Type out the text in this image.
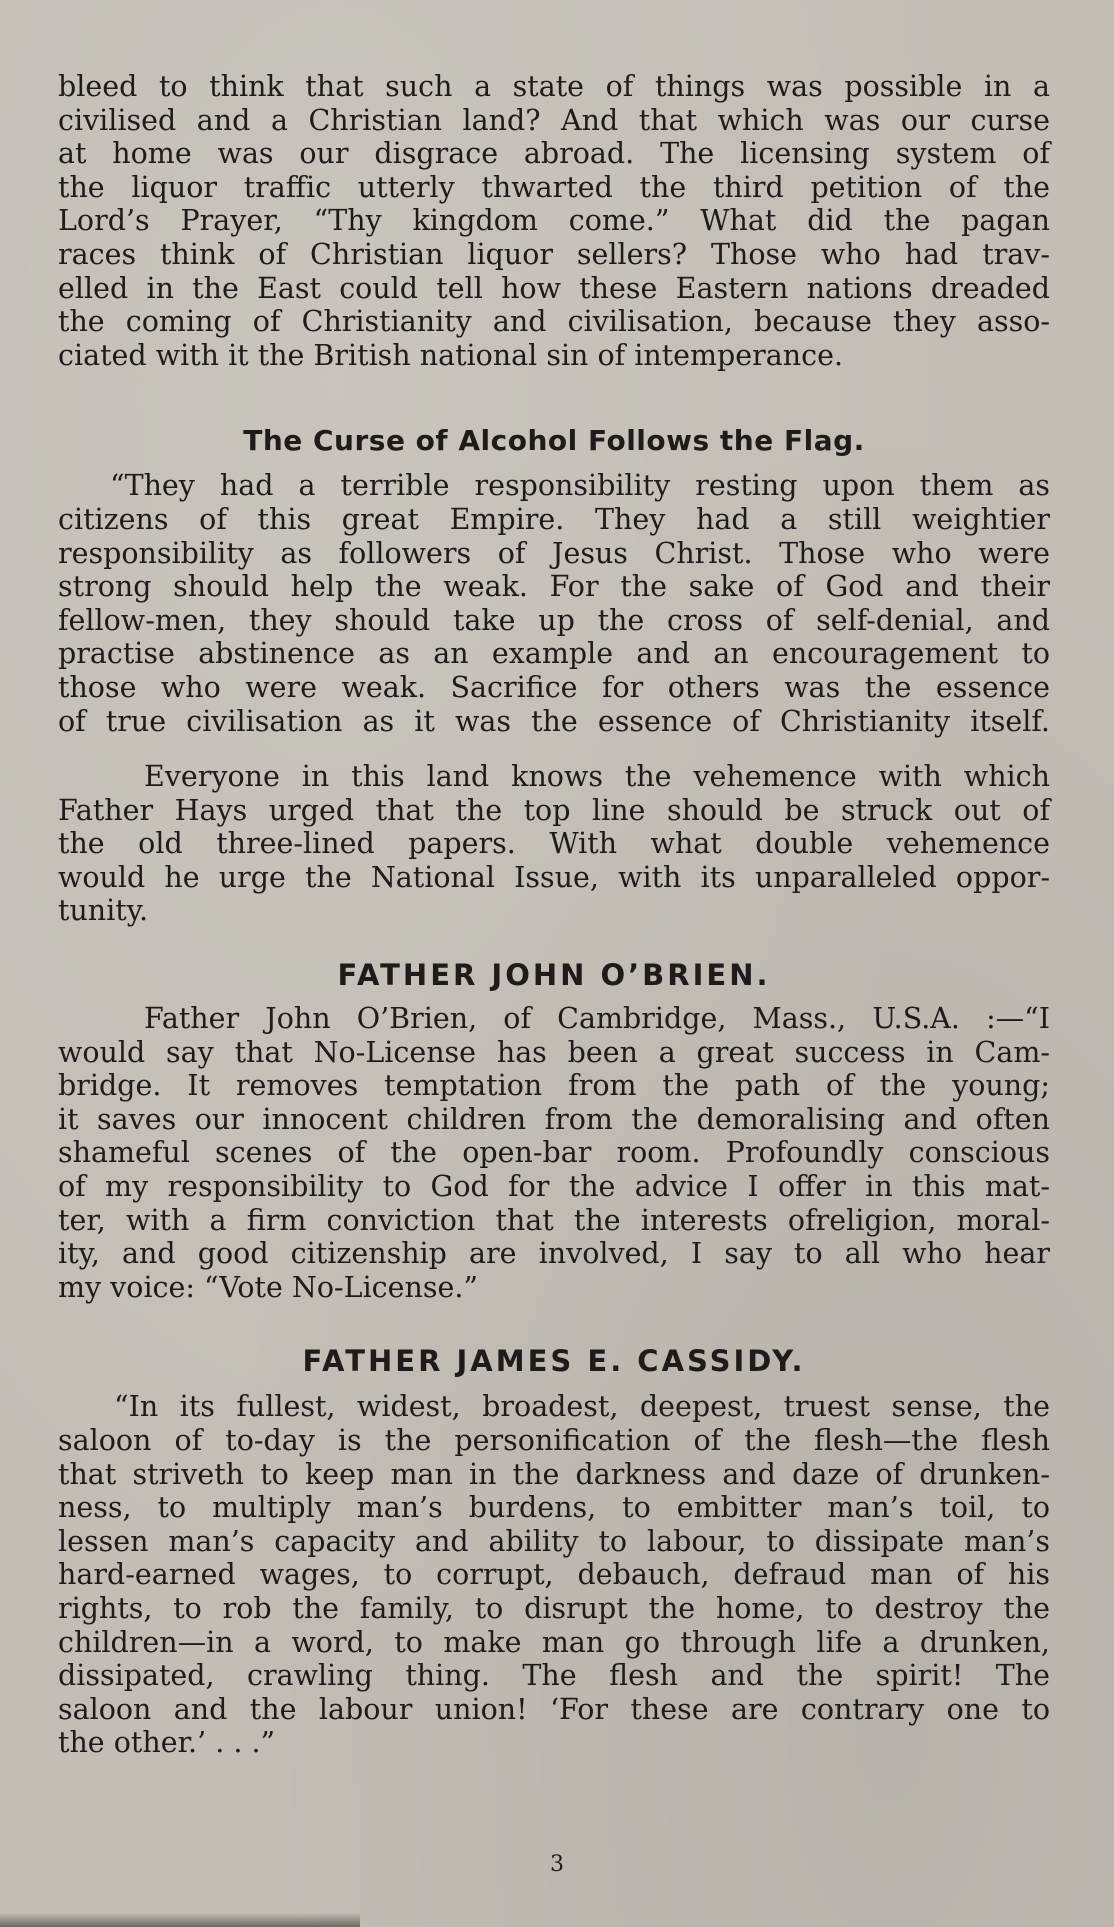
bleed to think that such a state of things was possible in a
civilised and a Christian land? And that which was our curse
at home was our disgrace abroad. The licensing system of
the liquor traffic utterly thwarted the third petition of the
Lord’s Prayer, “Thy kingdom come.” What did the pagan
races think of Christian liquor sellers? Those who had trav-
elled in the East could tell how these Eastern nations dreaded
the coming of Christianity and civilisation, because they asso-
ciated with it the British national sin of intemperance.

The Curse of Alcohol Follows the Flag.

“They had a terrible responsibility resting upon them as
citizens of this great Empire. They had a still weightier
responsibility as followers of Jesus Christ. Those who were
strong should help the weak. For the sake of God and their
fellow-men, they should take up the cross of self-denial, and
practise abstinence as an example and an encouragement to
those who were weak. Sacrifice for others was the essence
of true civilisation as it was the essence of Christianity itself.

Everyone in this land knows the vehemence with which
Father Hays urged that the top line should be struck out of
the old three-lined papers. With what double vehemence
would he urge the National Issue, with its unparalleled oppor-
tunity.

FATHER JOHN O’BRIEN.

Father John O’Brien, of Cambridge, Mass., U.S.A. :—“I
would say that No-License has been a great success in Cam-
bridge. It removes temptation from the path of the young;
it saves our innocent children from the demoralising and often
shameful scenes of the open-bar room. Profoundly conscious
of my responsibility to God for the advice I offer in this mat-
ter, with a firm conviction that the interests ofreligion, moral-
ity, and good citizenship are involved, I say to all who hear
my voice: “Vote No-License.”

FATHER JAMES E. CASSIDY.

“In its fullest, widest, broadest, deepest, truest sense, the
saloon of to-day is the personification of the flesh—the flesh
that striveth to keep man in the darkness and daze of drunken-
ness, to multiply man’s burdens, to embitter man’s toil, to
lessen man’s capacity and ability to labour, to dissipate man’s
hard-earned wages, to corrupt, debauch, defraud man of his
rights, to rob the family, to disrupt the home, to destroy the
children—in a word, to make man go through life a drunken,
dissipated, crawling thing. The flesh and the spirit! The
saloon and the labour union! ‘For these are contrary one to
the other.’ . . .”

3
